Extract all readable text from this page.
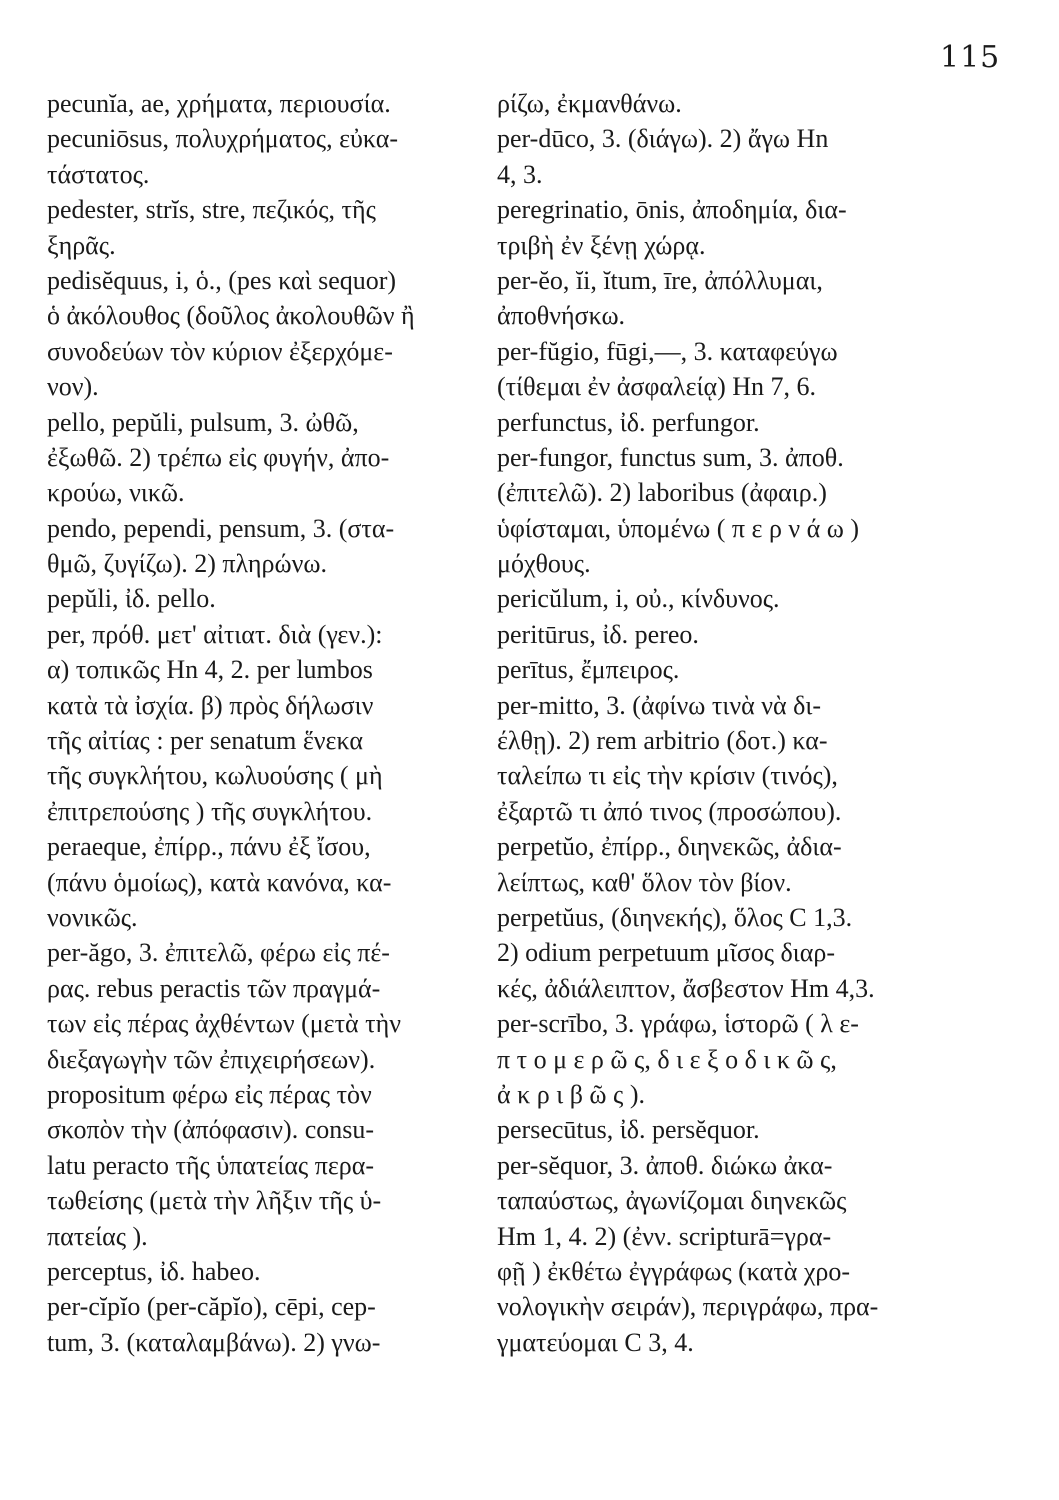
115
pecunĭa, ae, χρήματα, περιουσία.
pecuniōsus, πολυχρήματος, εὐκα-
τάστατος.
pedester, strĭs, stre, πεζικός, τῆς
ξηρᾶς.
pedisĕquus, i, ὁ., (pes καὶ sequor)
ὁ ἀκόλουθος (δοῦλος ἀκολουθῶν ἢ
συνοδεύων τὸν κύριον ἐξερχόμε-
νον).
pello, pepŭli, pulsum, 3. ὠθῶ,
ἐξωθῶ. 2) τρέπω εἰς φυγήν, ἀπο-
κρούω, νικῶ.
pendo, pependi, pensum, 3. (στα-
θμῶ, ζυγίζω). 2) πληρώνω.
pepŭli, ἰδ. pello.
per, πρόθ. μετ' αἰτιατ. διὰ (γεν.):
α) τοπικῶς Hn 4, 2. per lumbos
κατὰ τὰ ἰσχία. β) πρὸς δήλωσιν
τῆς αἰτίας : per senatum ἕνεκα
τῆς συγκλήτου, κωλυούσης ( μὴ
ἐπιτρεπούσης ) τῆς συγκλήτου.
peraeque, ἐπίρρ., πάνυ ἐξ ἴσου,
(πάνυ ὁμοίως), κατὰ κανόνα, κα-
νονικῶς.
per-ăgo, 3. ἐπιτελῶ, φέρω εἰς πέ-
ρας. rebus peractis τῶν πραγμά-
των εἰς πέρας ἀχθέντων (μετὰ τὴν
διεξαγωγὴν τῶν ἐπιχειρήσεων).
propositum φέρω εἰς πέρας τὸν
σκοπὸν τὴν (ἀπόφασιν). consu-
latu peracto τῆς ὑπατείας περα-
τωθείσης (μετὰ τὴν λῆξιν τῆς ὑ-
πατείας ).
perceptus, ἰδ. habeo.
per-cĭpĭo (per-căpĭo), cēpi, cep-
tum, 3. (καταλαμβάνω). 2) γνω-
ρίζω, ἐκμανθάνω.
per-dūco, 3. (διάγω). 2) ἄγω Hn
4, 3.
peregrinatio, ōnis, ἀποδημία, δια-
τριβὴ ἐν ξένῃ χώρᾳ.
per-ĕo, ĭi, ĭtum, īre, ἀπόλλυμαι,
ἀποθνήσκω.
per-fŭgio, fūgi,—, 3. καταφεύγω
(τίθεμαι ἐν ἀσφαλείᾳ) Hn 7, 6.
perfunctus, ἰδ. perfungor.
per-fungor, functus sum, 3. ἀποθ.
(ἐπιτελῶ). 2) laboribus (ἀφαιρ.)
ὑφίσταμαι, ὑπομένω ( π ε ρ ν ά ω )
μόχθους.
pericŭlum, i, οὐ., κίνδυνος.
peritūrus, ἰδ. pereo.
perītus, ἔμπειρος.
per-mitto, 3. (ἀφίνω τινὰ νὰ δι-
έλθῃ). 2) rem arbitrio (δοτ.) κα-
ταλείπω τι εἰς τὴν κρίσιν (τινός),
ἐξαρτῶ τι ἀπό τινος (προσώπου).
perpetŭo, ἐπίρρ., διηνεκῶς, ἀδια-
λείπτως, καθ' ὅλον τὸν βίον.
perpetŭus, (διηνεκής), ὅλος C 1,3.
2) odium perpetuum μῖσος διαρ-
κές, ἀδιάλειπτον, ἄσβεστον Hm 4,3.
per-scrībo, 3. γράφω, ἱστορῶ ( λ ε-
π τ ο μ ε ρ ῶ ς, δ ι ε ξ ο δ ι κ ῶ ς,
ἀ κ ρ ι β ῶ ς ).
persecūtus, ἰδ. persĕquor.
per-sĕquor, 3. ἀποθ. διώκω ἀκα-
ταπαύστως, ἀγωνίζομαι διηνεκῶς
Hm 1, 4. 2) (ἐνν. scripturā=γρα-
φῇ ) ἐκθέτω ἐγγράφως (κατὰ χρο-
νολογικὴν σειράν), περιγράφω, πρα-
γματεύομαι C 3, 4.
